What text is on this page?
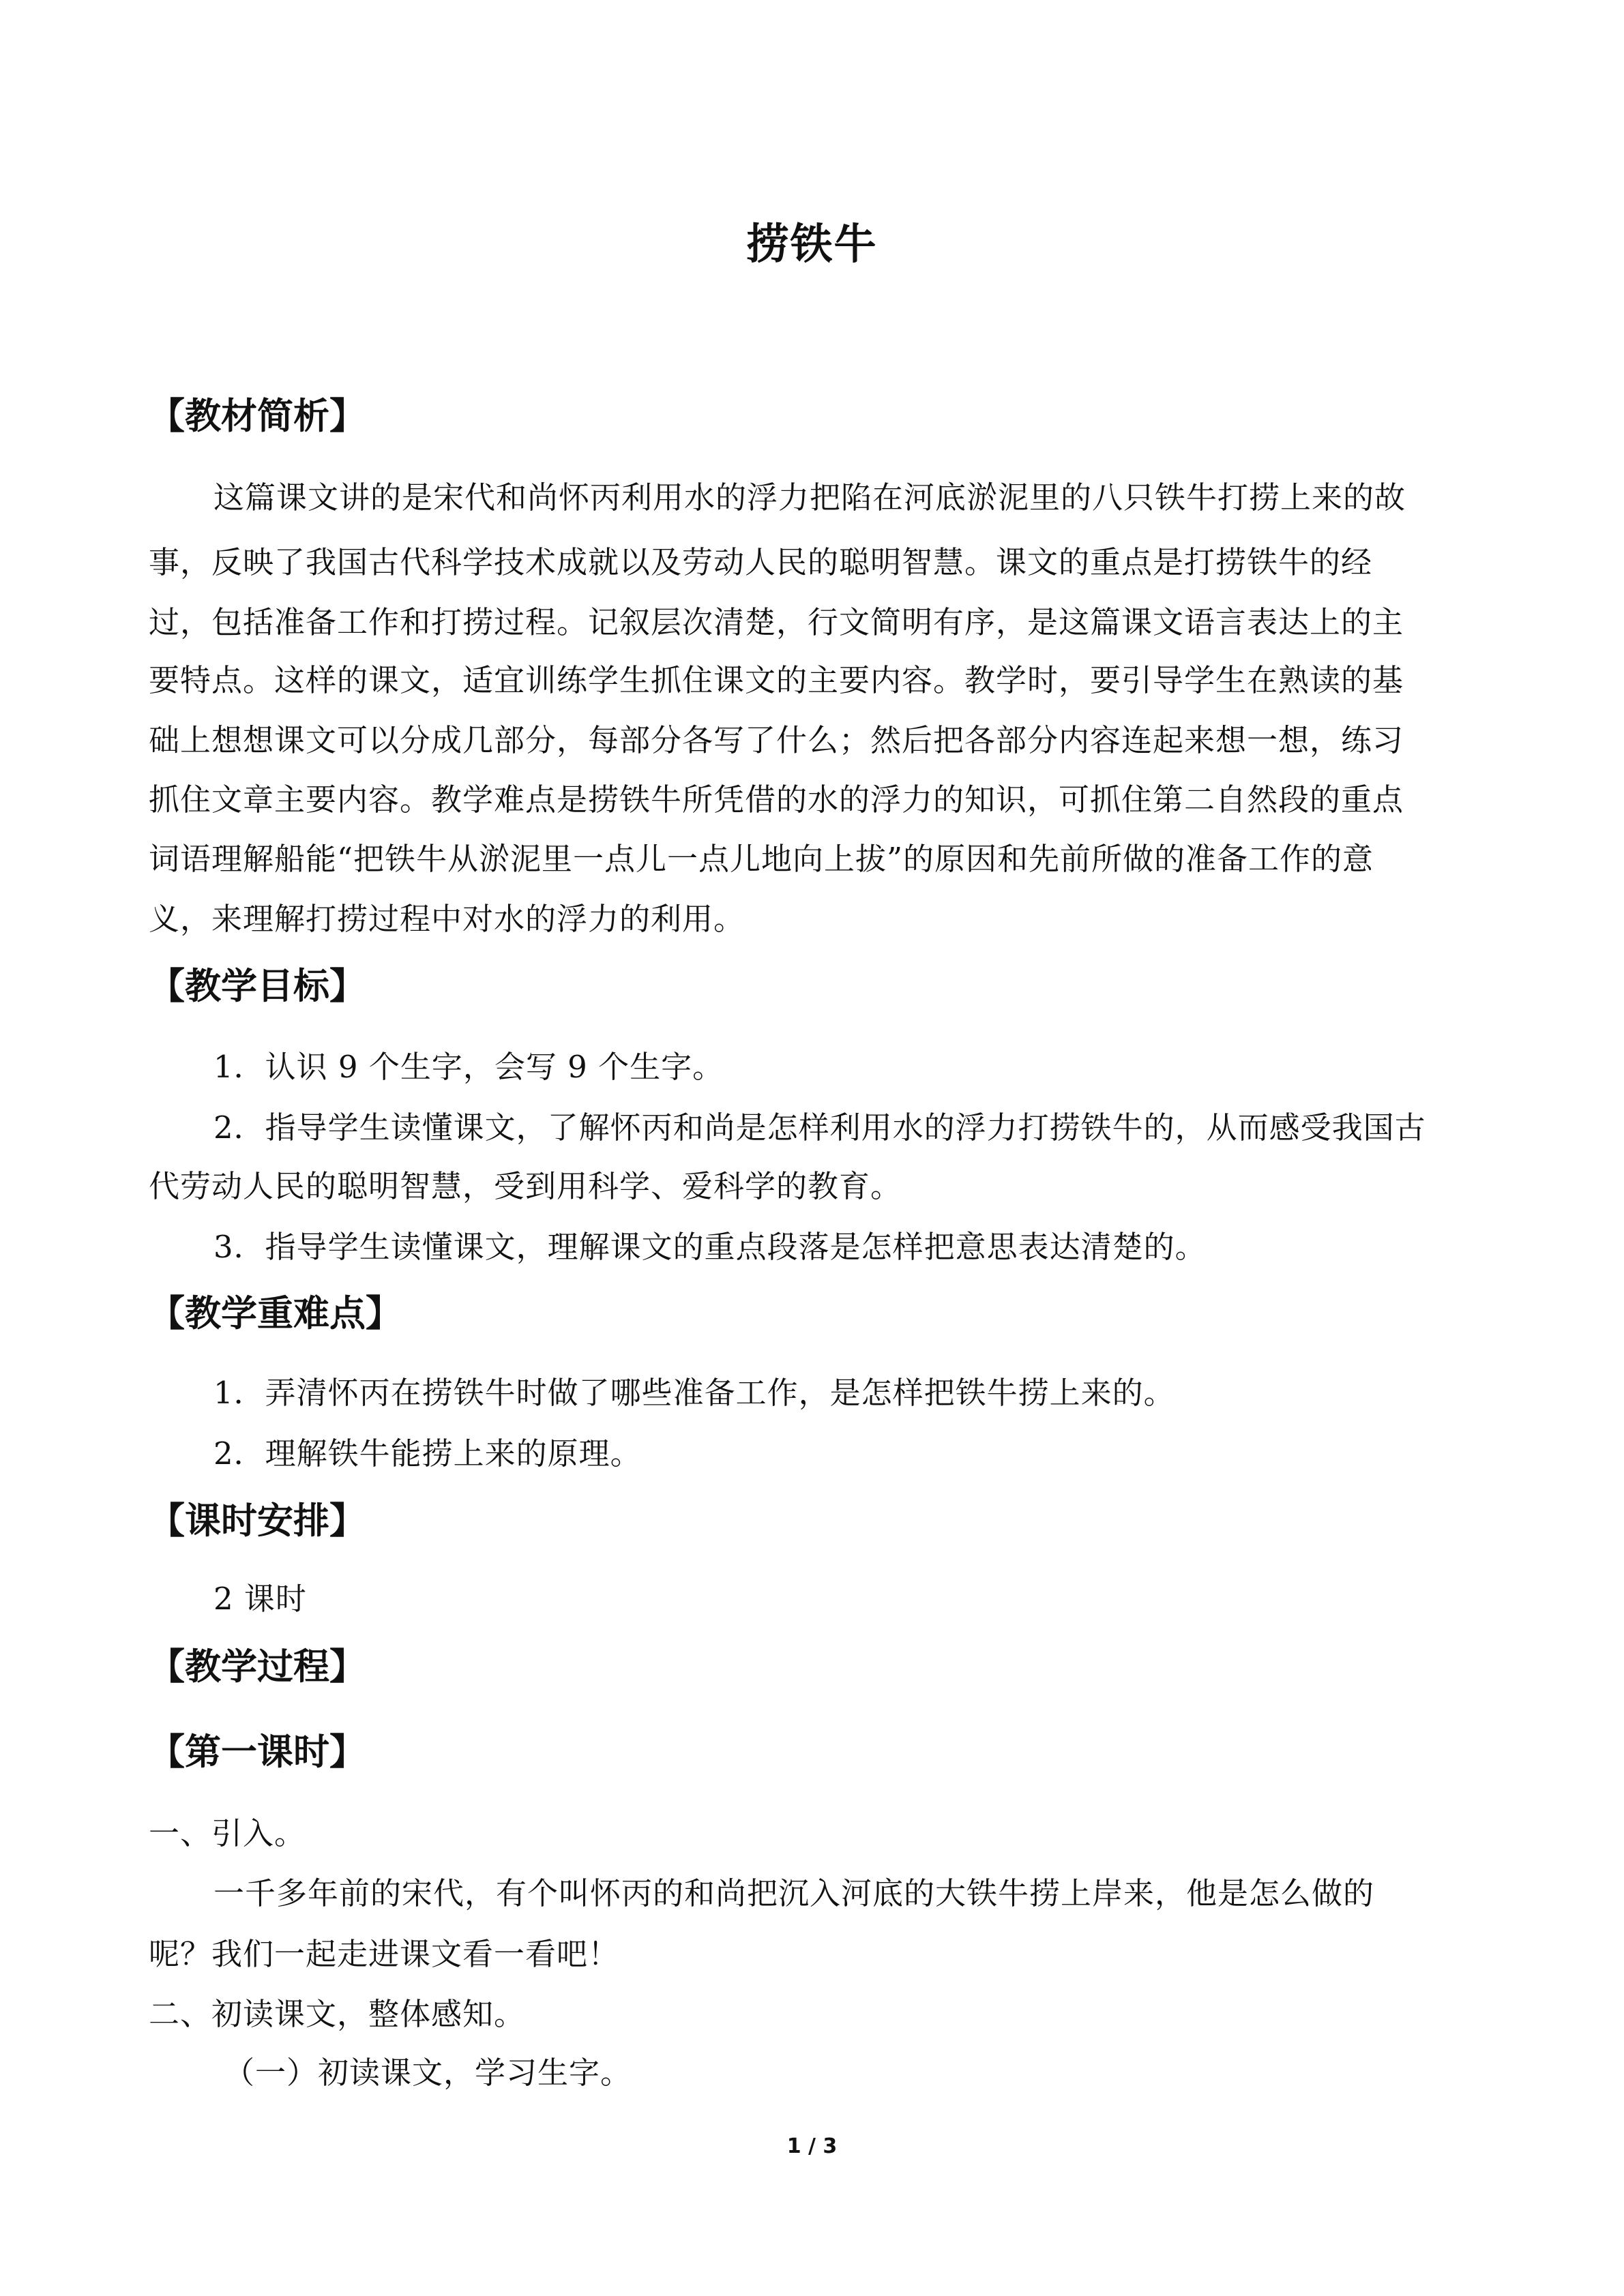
捞铁牛
【教材简析】
这篇课文讲的是宋代和尚怀丙利用水的浮力把陷在河底淤泥里的八只铁牛打捞上来的故
事，反映了我国古代科学技术成就以及劳动人民的聪明智慧。课文的重点是打捞铁牛的经
过，包括准备工作和打捞过程。记叙层次清楚，行文简明有序，是这篇课文语言表达上的主
要特点。这样的课文，适宜训练学生抓住课文的主要内容。教学时，要引导学生在熟读的基
础上想想课文可以分成几部分，每部分各写了什么；然后把各部分内容连起来想一想，练习
抓住文章主要内容。教学难点是捞铁牛所凭借的水的浮力的知识，可抓住第二自然段的重点
词语理解船能“把铁牛从淤泥里一点儿一点儿地向上拔”的原因和先前所做的准备工作的意
义，来理解打捞过程中对水的浮力的利用。
【教学目标】
1．认识 9 个生字，会写 9 个生字。
2．指导学生读懂课文，了解怀丙和尚是怎样利用水的浮力打捞铁牛的，从而感受我国古
代劳动人民的聪明智慧，受到用科学、爱科学的教育。
3．指导学生读懂课文，理解课文的重点段落是怎样把意思表达清楚的。
【教学重难点】
1．弄清怀丙在捞铁牛时做了哪些准备工作，是怎样把铁牛捞上来的。
2．理解铁牛能捞上来的原理。
【课时安排】
2 课时
【教学过程】
【第一课时】
一、引入。
一千多年前的宋代，有个叫怀丙的和尚把沉入河底的大铁牛捞上岸来，他是怎么做的
呢？我们一起走进课文看一看吧！
二、初读课文，整体感知。
（一）初读课文，学习生字。
1 / 3
